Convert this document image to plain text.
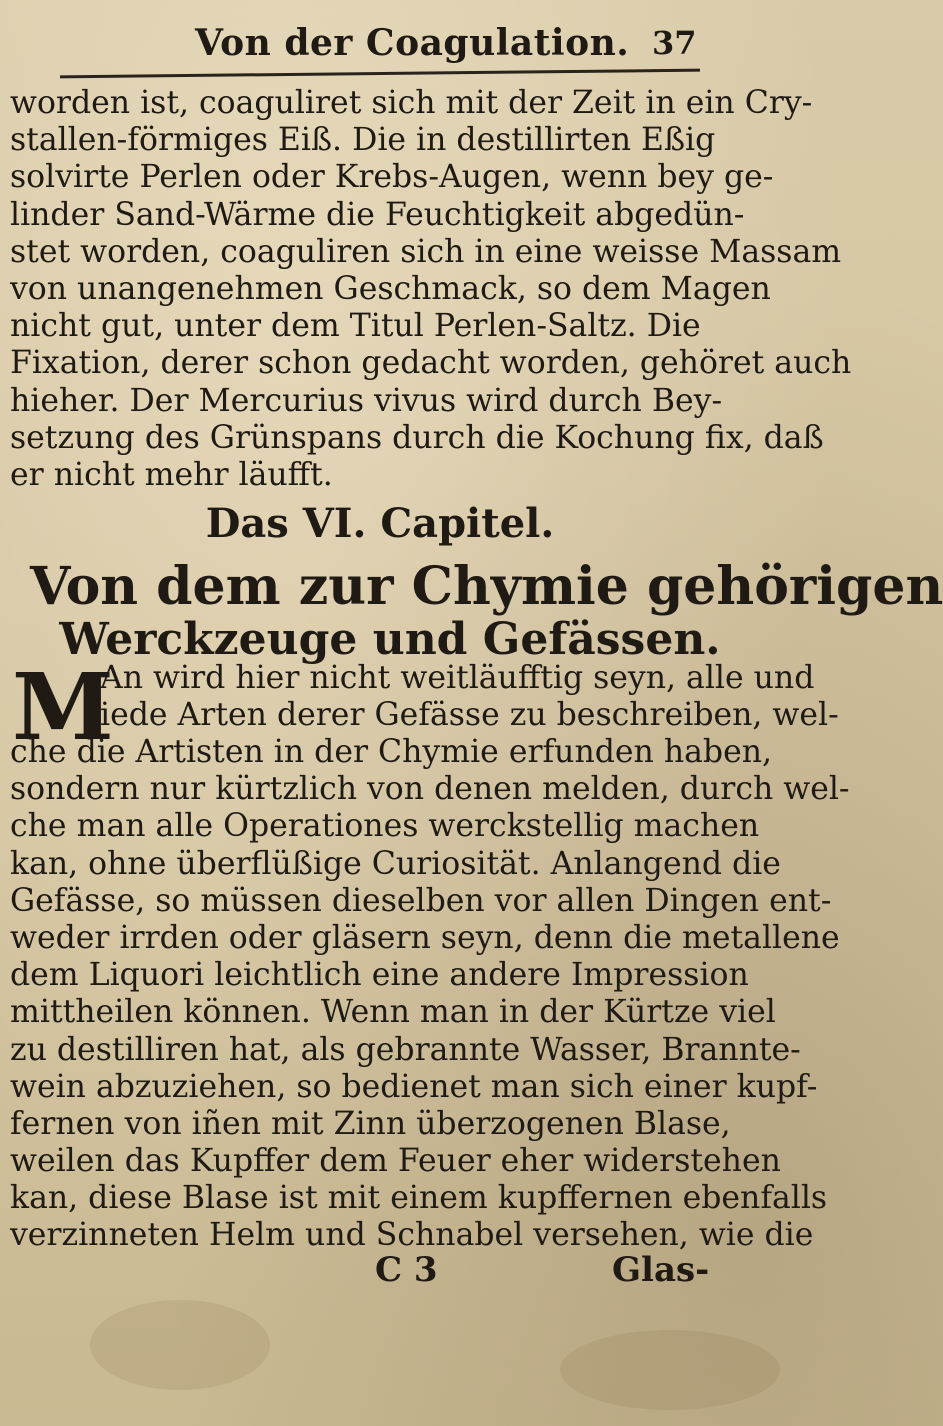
Von der Coagulation. 37
worden ist, coaguliret sich mit der Zeit in ein Cry-
stallen-förmiges Eiß. Die in destillirten Eßig
solvirte Perlen oder Krebs-Augen, wenn bey ge-
linder Sand-Wärme die Feuchtigkeit abgedün-
stet worden, coaguliren sich in eine weisse Massam
von unangenehmen Geschmack, so dem Magen
nicht gut, unter dem Titul Perlen-Saltz. Die
Fixation, derer schon gedacht worden, gehöret auch
hieher. Der Mercurius vivus wird durch Bey-
setzung des Grünspans durch die Kochung fix, daß
er nicht mehr läufft.
Das VI. Capitel.
Von dem zur Chymie gehörigen
Werckzeuge und Gefässen.
M
An wird hier nicht weitläufftig seyn, alle und
iede Arten derer Gefässe zu beschreiben, wel-
che die Artisten in der Chymie erfunden haben,
sondern nur kürtzlich von denen melden, durch wel-
che man alle Operationes werckstellig machen
kan, ohne überflüßige Curiosität. Anlangend die
Gefässe, so müssen dieselben vor allen Dingen ent-
weder irrden oder gläsern seyn, denn die metallene
dem Liquori leichtlich eine andere Impression
mittheilen können. Wenn man in der Kürtze viel
zu destilliren hat, als gebrannte Wasser, Brannte-
wein abzuziehen, so bedienet man sich einer kupf-
fernen von iñen mit Zinn überzogenen Blase,
weilen das Kupffer dem Feuer eher widerstehen
kan, diese Blase ist mit einem kupffernen ebenfalls
verzinneten Helm und Schnabel versehen, wie die
C 3	Glas-
